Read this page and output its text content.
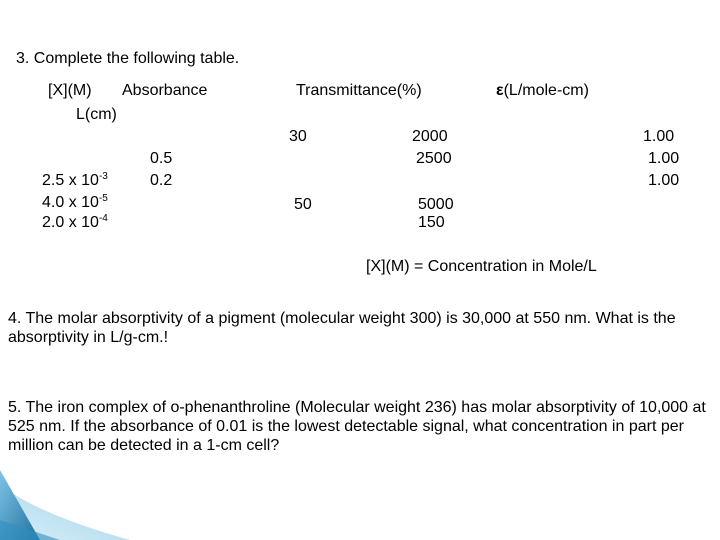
3. Complete the following table.
[X](M) Absorbance
L(cm)
Transmittance(%)	ε(L/mole-cm)
2.5 x $10^{-3}$
4.0 x $10^{-5}$
2.0 x $10^{-4}$
0.5
0.2
30
50
2000
2500
5000
150
1.00
1.00
1.00
[X](M) = Concentration in Mole/L
4. The molar absorptivity of a pigment (molecular weight 300) is 30,000 at 550 nm. What is the absorptivity in L/g-cm.!
5. The iron complex of o-phenanthroline (Molecular weight 236) has molar absorptivity of 10,000 at 525 nm. If the absorbance of 0.01 is the lowest detectable signal, what concentration in part per million can be detected in a 1-cm cell?
